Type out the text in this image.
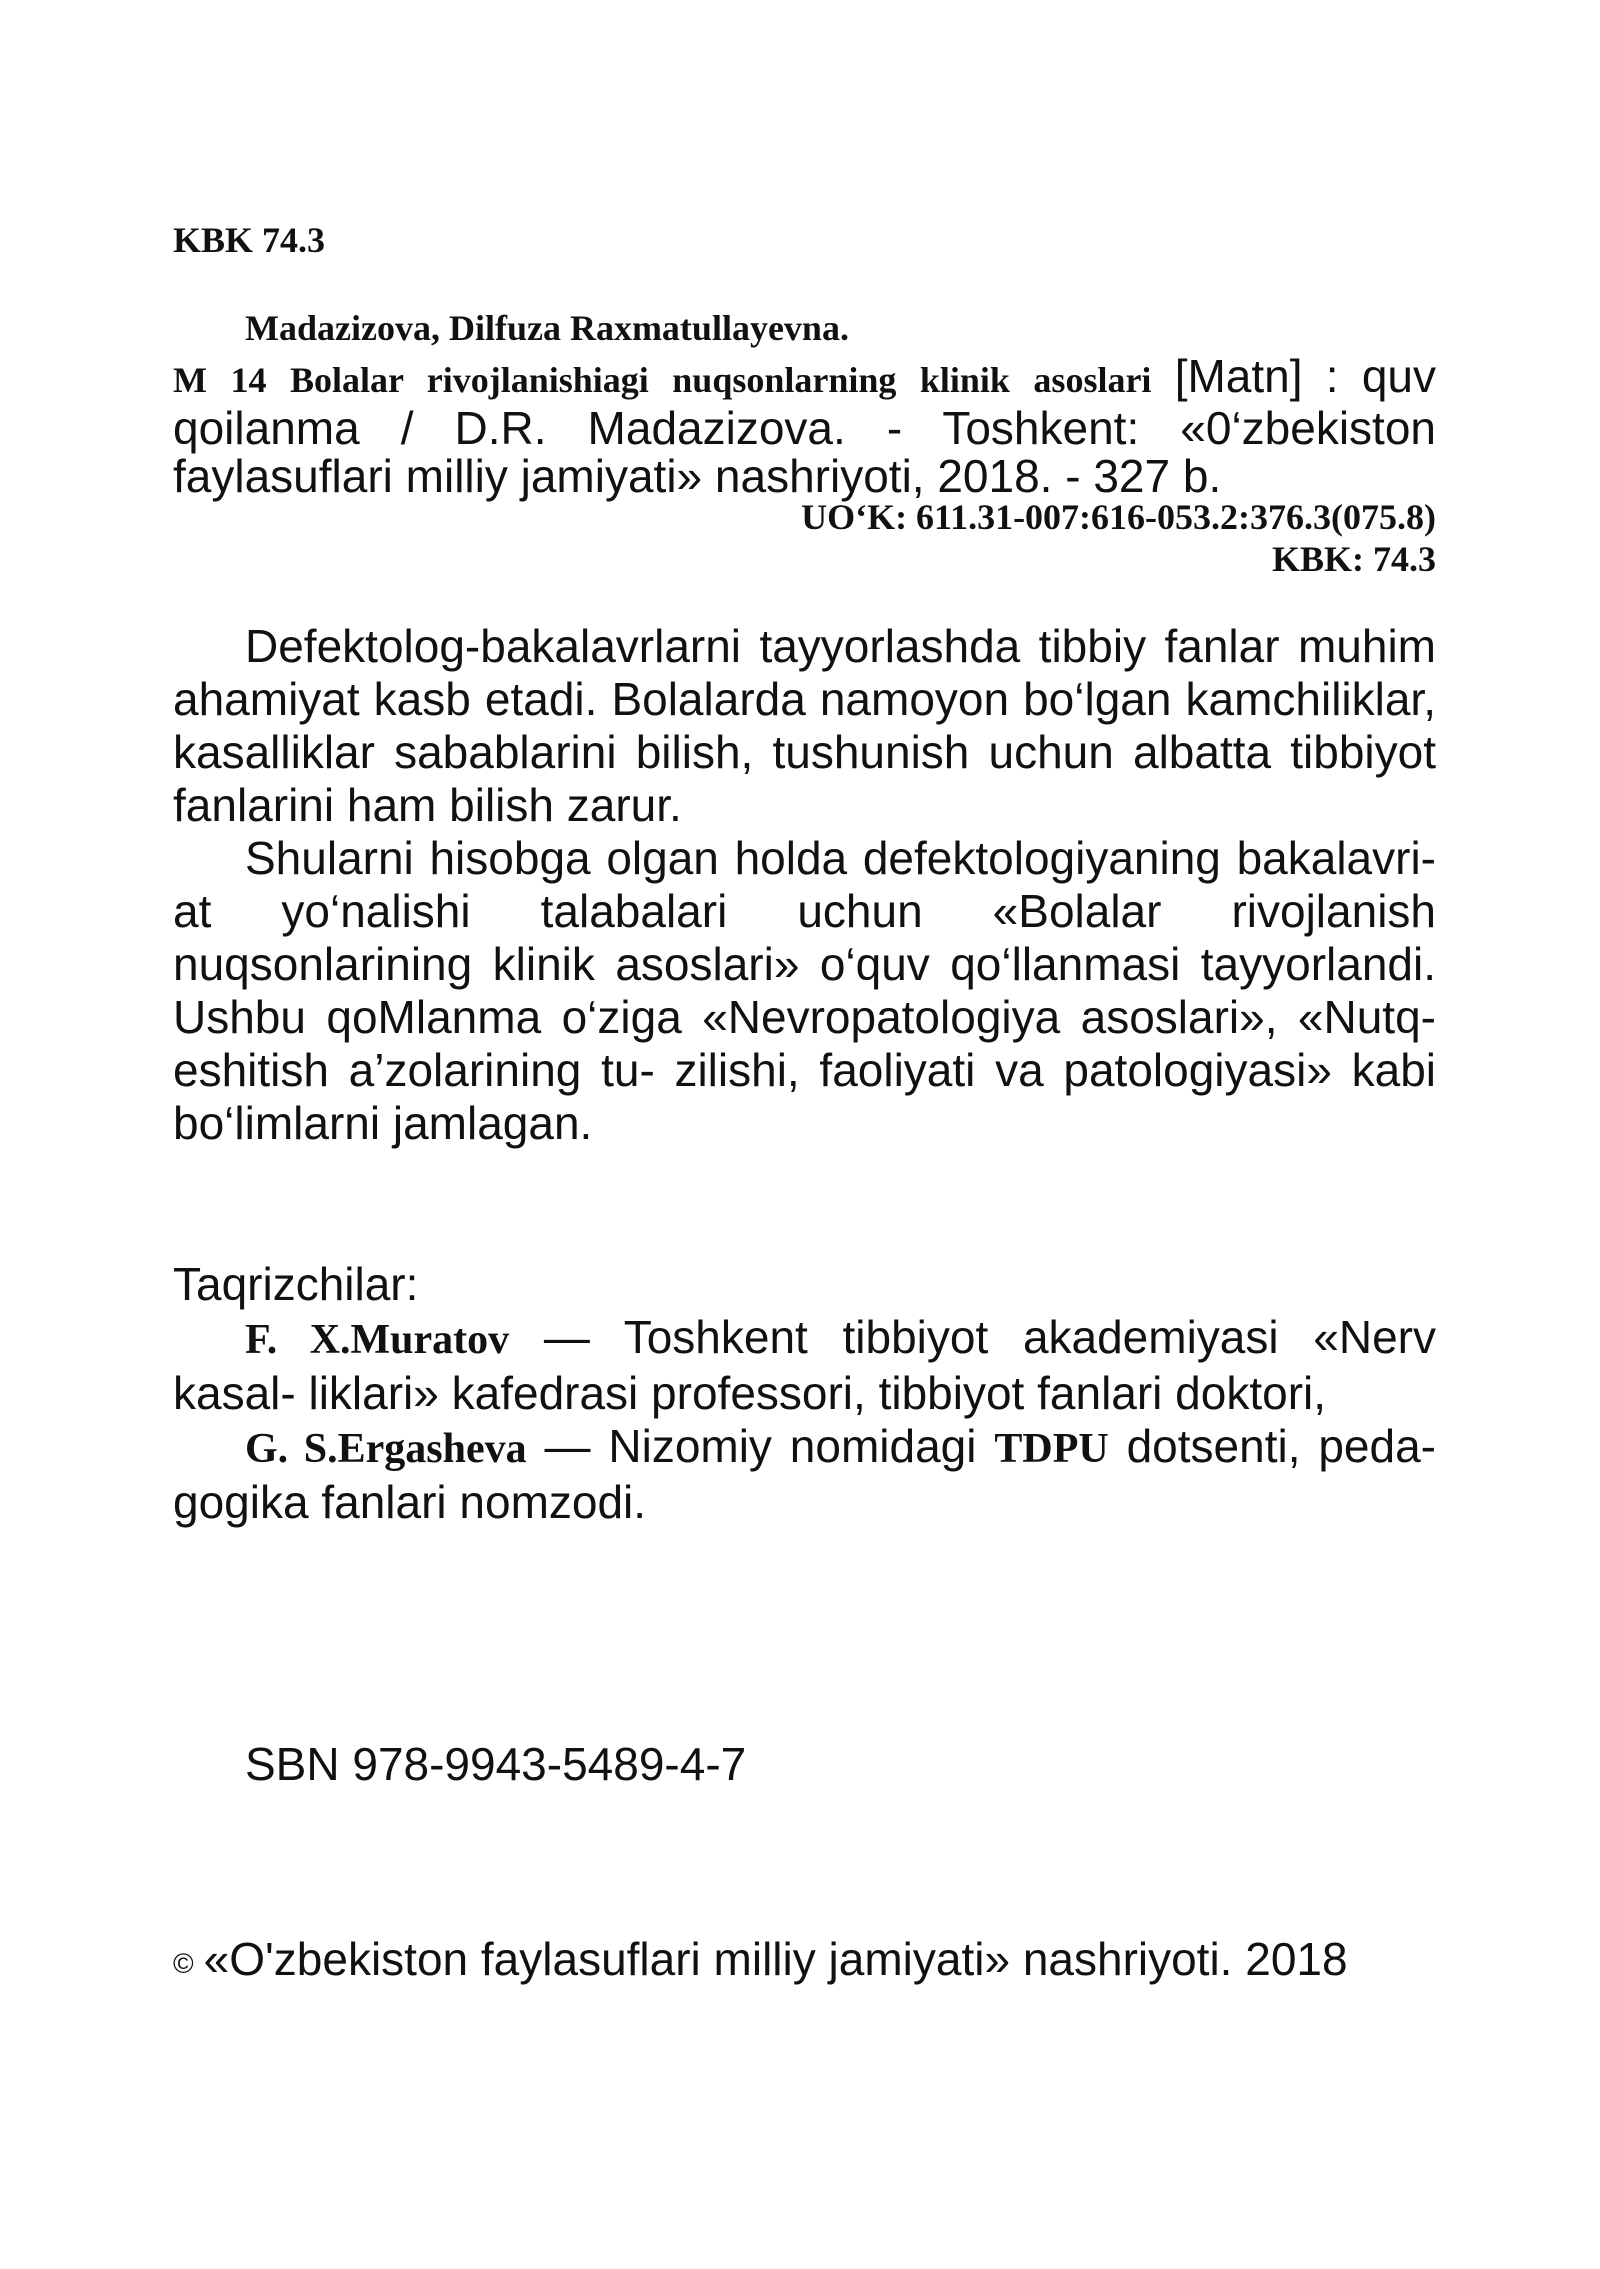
KBK 74.3
Madazizova, Dilfuza Raxmatullayevna.
M 14 Bolalar rivojlanishiagi nuqsonlarning klinik asoslari [Matn] : quv qoilanma / D.R. Madazizova. - Toshkent: «0‘zbekiston faylasuflari milliy jamiyati» nashriyoti, 2018. - 327 b.
UO‘K: 611.31-007:616-053.2:376.3(075.8)
KBK: 74.3

Defektolog-bakalavrlarni tayyorlashda tibbiy fanlar muhim ahamiyat kasb etadi. Bolalarda namoyon bo‘lgan kamchiliklar, kasalliklar sabablarini bilish, tushunish uchun albatta tibbiyot fanlarini ham bilish zarur.

Shularni hisobga olgan holda defektologiyaning bakalavri- at yo‘nalishi talabalari uchun «Bolalar rivojlanish nuqsonlarining klinik asoslari» o‘quv qo‘llanmasi tayyorlandi. Ushbu qoMlanma o‘ziga «Nevropatologiya asoslari», «Nutq-eshitish a’zolarining tu- zilishi, faoliyati va patologiyasi» kabi bo‘limlarni jamlagan.

Taqrizchilar:

F. X.Muratov — Toshkent tibbiyot akademiyasi «Nerv kasal- liklari» kafedrasi professori, tibbiyot fanlari doktori,

G. S.Ergasheva — Nizomiy nomidagi TDPU dotsenti, peda- gogika fanlari nomzodi.

SBN 978-9943-5489-4-7
© «O'zbekiston faylasuflari milliy jamiyati» nashriyoti. 2018
